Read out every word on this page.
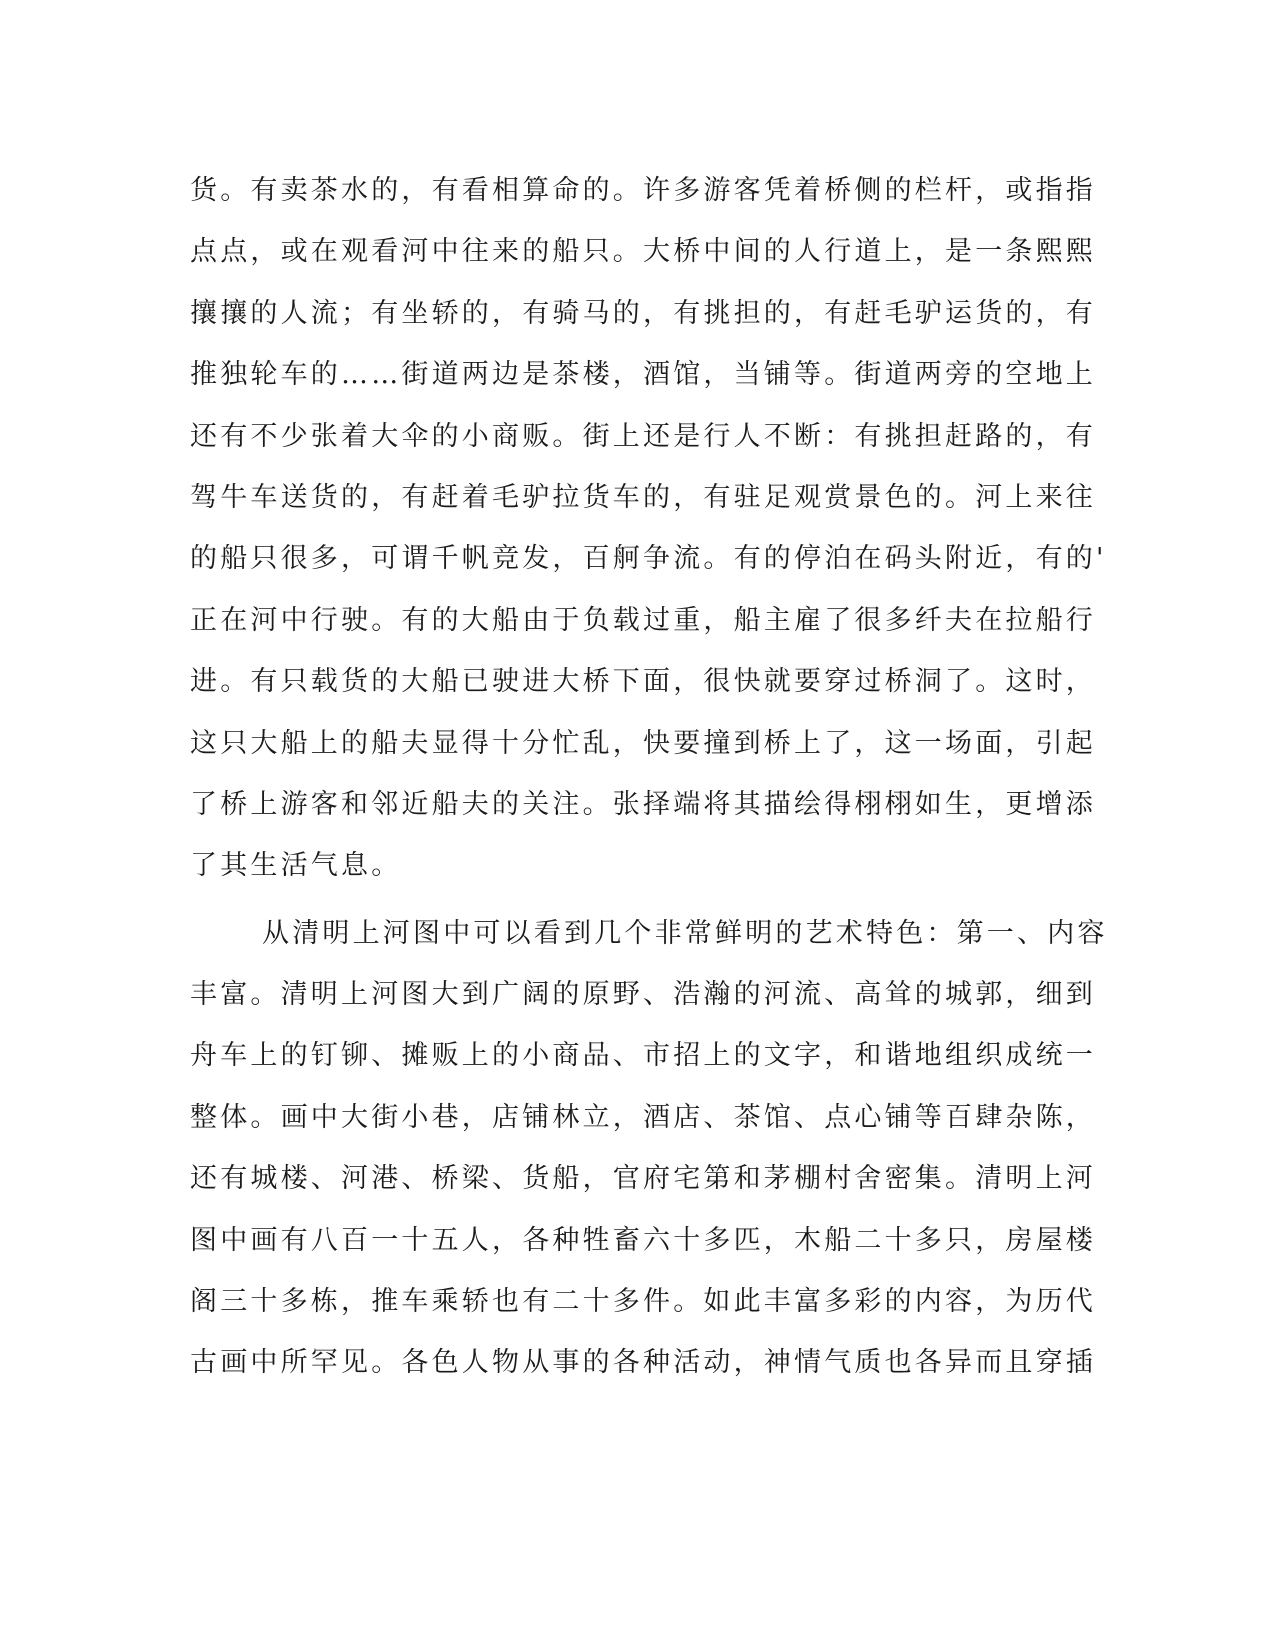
货。有卖茶水的，有看相算命的。许多游客凭着桥侧的栏杆，或指指
点点，或在观看河中往来的船只。大桥中间的人行道上，是一条熙熙
攘攘的人流；有坐轿的，有骑马的，有挑担的，有赶毛驴运货的，有
推独轮车的……街道两边是茶楼，酒馆，当铺等。街道两旁的空地上
还有不少张着大伞的小商贩。街上还是行人不断：有挑担赶路的，有
驾牛车送货的，有赶着毛驴拉货车的，有驻足观赏景色的。河上来往
的船只很多，可谓千帆竞发，百舸争流。有的停泊在码头附近，有的'
正在河中行驶。有的大船由于负载过重，船主雇了很多纤夫在拉船行
进。有只载货的大船已驶进大桥下面，很快就要穿过桥洞了。这时，
这只大船上的船夫显得十分忙乱，快要撞到桥上了，这一场面，引起
了桥上游客和邻近船夫的关注。张择端将其描绘得栩栩如生，更增添
了其生活气息。
从清明上河图中可以看到几个非常鲜明的艺术特色：第一、内容
丰富。清明上河图大到广阔的原野、浩瀚的河流、高耸的城郭，细到
舟车上的钉铆、摊贩上的小商品、市招上的文字，和谐地组织成统一
整体。画中大街小巷，店铺林立，酒店、茶馆、点心铺等百肆杂陈，
还有城楼、河港、桥梁、货船，官府宅第和茅棚村舍密集。清明上河
图中画有八百一十五人，各种牲畜六十多匹，木船二十多只，房屋楼
阁三十多栋，推车乘轿也有二十多件。如此丰富多彩的内容，为历代
古画中所罕见。各色人物从事的各种活动，神情气质也各异而且穿插
